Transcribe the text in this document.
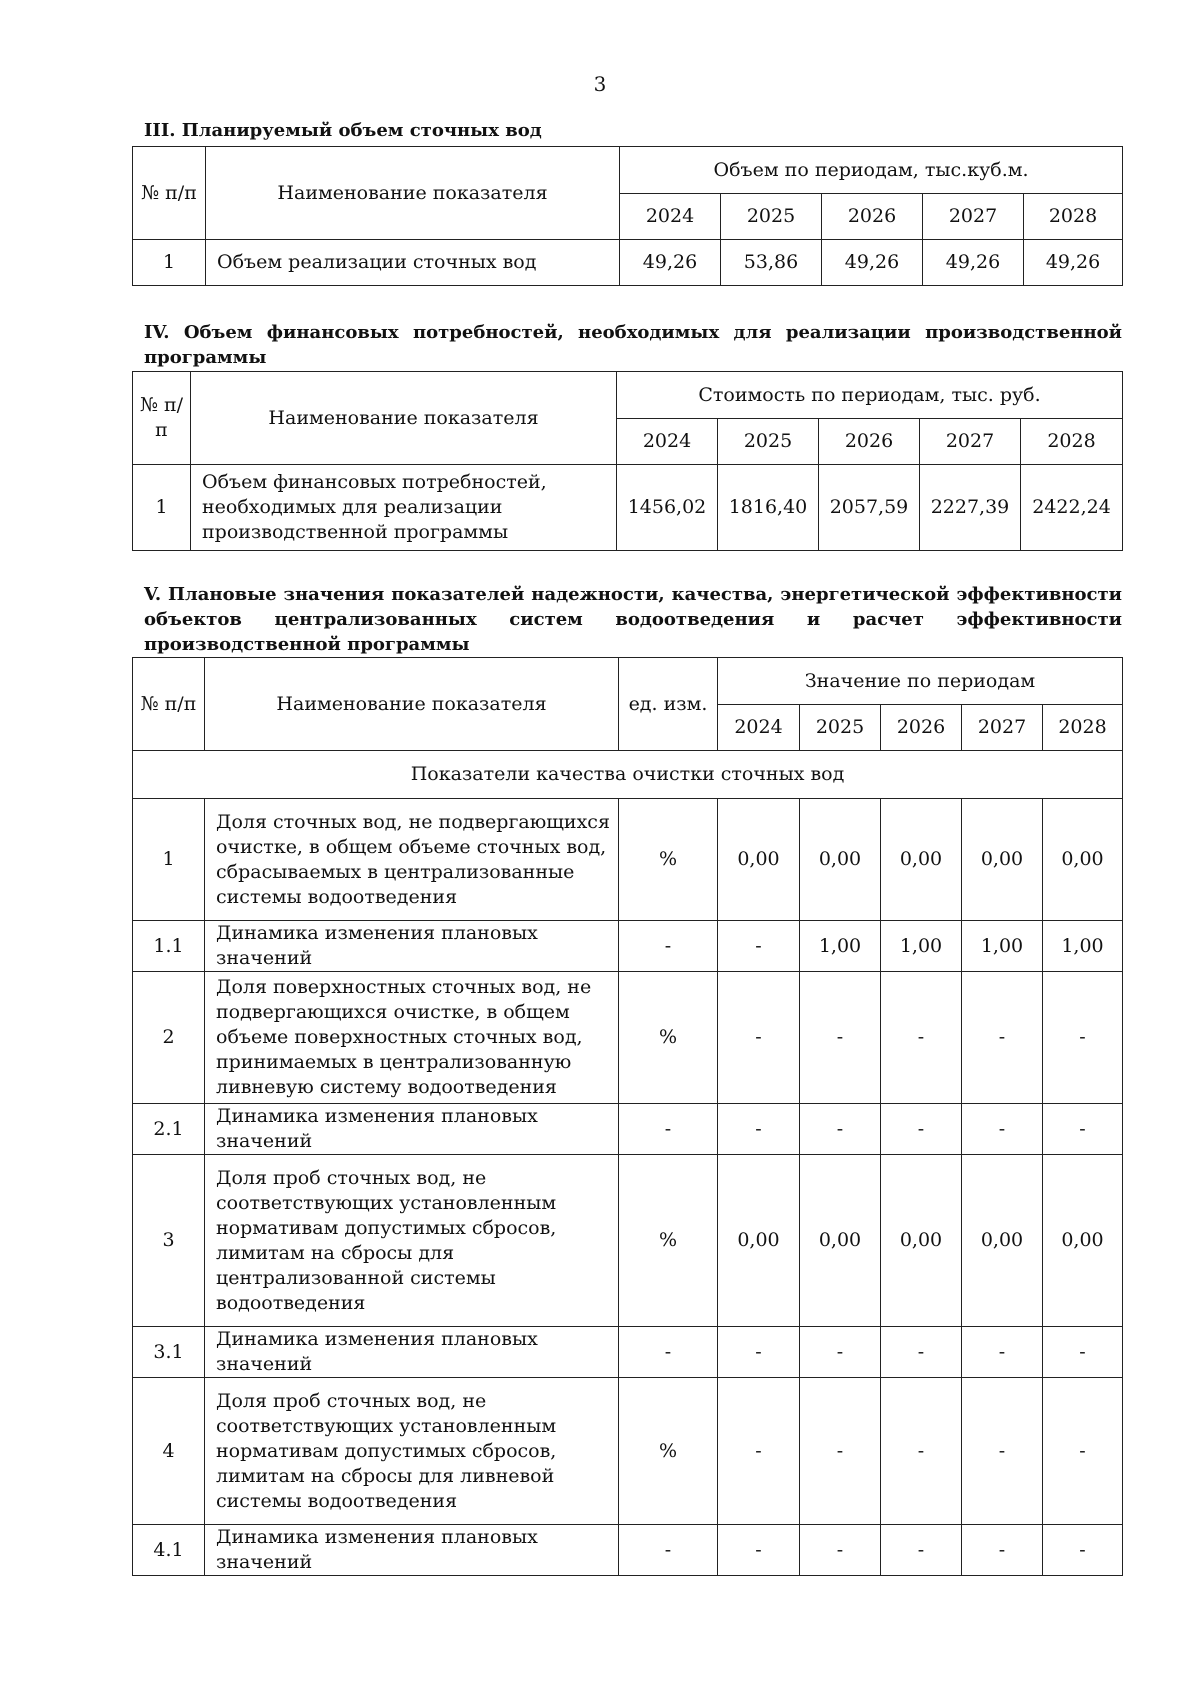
3
III. Планируемый объем сточных вод
№ п/п	Наименование показателя	Объем по периодам, тыс.куб.м.				
		2024	2025	2026	2027	2028
1	Объем реализации сточных вод	49,26	53,86	49,26	49,26	49,26
IV. Объем финансовых потребностей, необходимых для реализации производственной программы
№ п/п	Наименование показателя	Стоимость по периодам, тыс. руб.				
		2024	2025	2026	2027	2028
1	Объем финансовых потребностей, необходимых для реализации производственной программы	1456,02	1816,40	2057,59	2227,39	2422,24
V. Плановые значения показателей надежности, качества, энергетической эффективности объектов централизованных систем водоотведения и расчет эффективности производственной программы
№ п/п	Наименование показателя	ед. изм.	Значение по периодам				
			2024	2025	2026	2027	2028
Показатели качества очистки сточных вод							
1	Доля сточных вод, не подвергающихся очистке, в общем объеме сточных вод, сбрасываемых в централизованные системы водоотведения	%	0,00	0,00	0,00	0,00	0,00
1.1	Динамика изменения плановых значений	-	-	1,00	1,00	1,00	1,00
2	Доля поверхностных сточных вод, не подвергающихся очистке, в общем объеме поверхностных сточных вод, принимаемых в централизованную ливневую систему водоотведения	%	-	-	-	-	-
2.1	Динамика изменения плановых значений	-	-	-	-	-	-
3	Доля проб сточных вод, не соответствующих установленным нормативам допустимых сбросов, лимитам на сбросы для централизованной системы водоотведения	%	0,00	0,00	0,00	0,00	0,00
3.1	Динамика изменения плановых значений	-	-	-	-	-	-
4	Доля проб сточных вод, не соответствующих установленным нормативам допустимых сбросов, лимитам на сбросы для ливневой системы водоотведения	%	-	-	-	-	-
4.1	Динамика изменения плановых значений	-	-	-	-	-	-
